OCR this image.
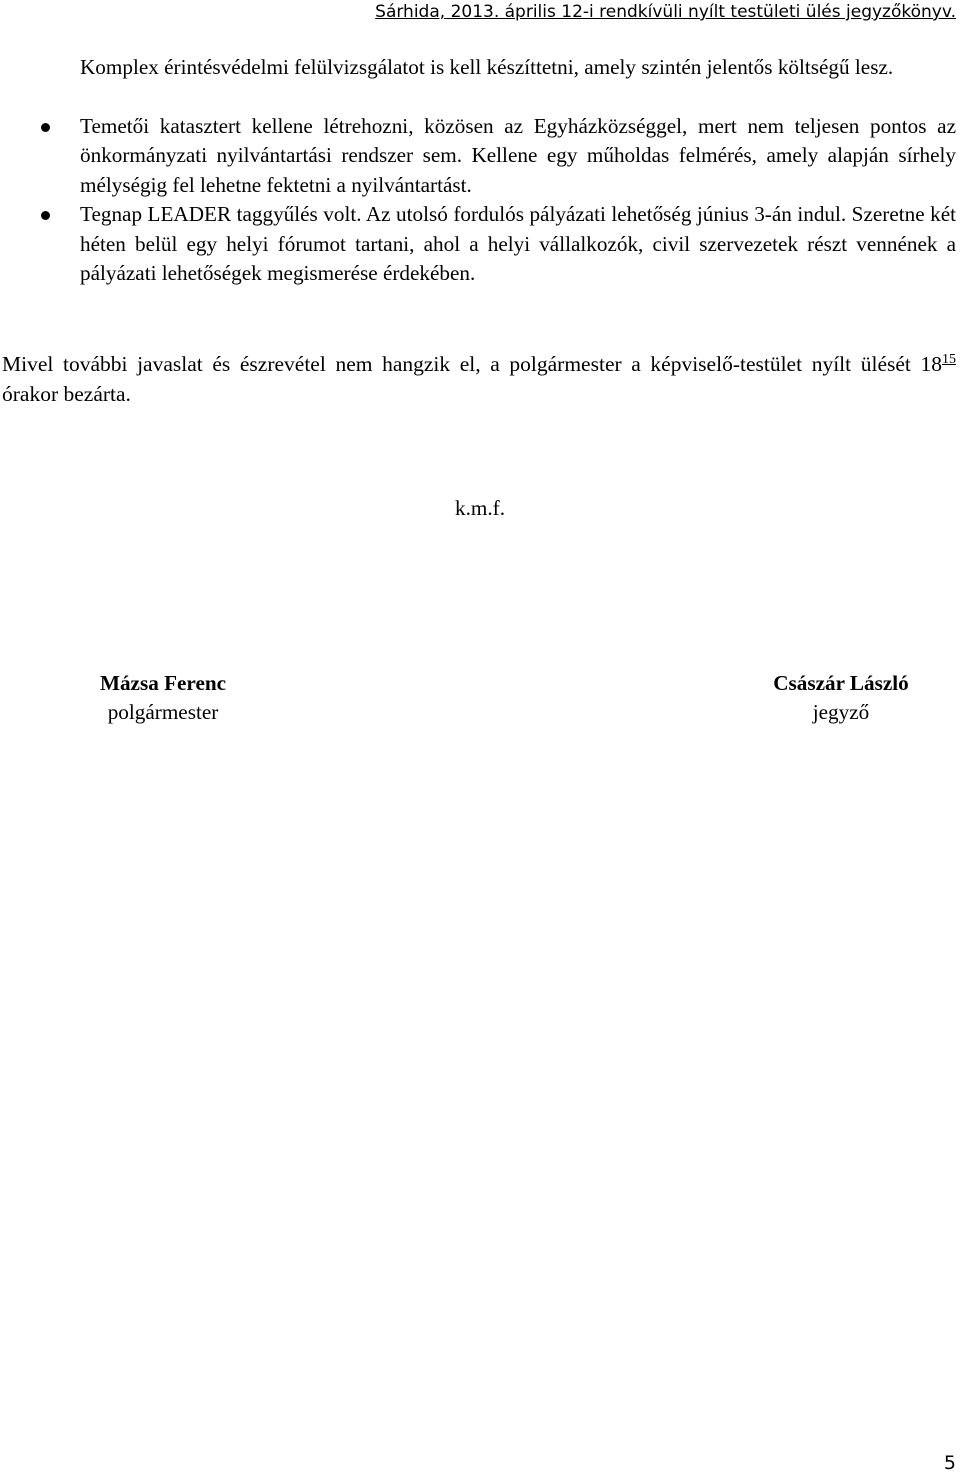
Sárhida, 2013. április 12-i rendkívüli nyílt testületi ülés jegyzőkönyv.
Komplex érintésvédelmi felülvizsgálatot is kell készíttetni, amely szintén jelentős költségű lesz.
Temetői katasztert kellene létrehozni, közösen az Egyházközséggel, mert nem teljesen pontos az önkormányzati nyilvántartási rendszer sem. Kellene egy műholdas felmérés, amely alapján sírhely mélységig fel lehetne fektetni a nyilvántartást.
Tegnap LEADER taggyűlés volt. Az utolsó fordulós pályázati lehetőség június 3-án indul. Szeretne két héten belül egy helyi fórumot tartani, ahol a helyi vállalkozók, civil szervezetek részt vennének a pályázati lehetőségek megismerése érdekében.
Mivel további javaslat és észrevétel nem hangzik el, a polgármester a képviselő-testület nyílt ülését $18^{15}$ órakor bezárta.
k.m.f.
Mázsa Ferenc
polgármester
Császár László
jegyző
5
